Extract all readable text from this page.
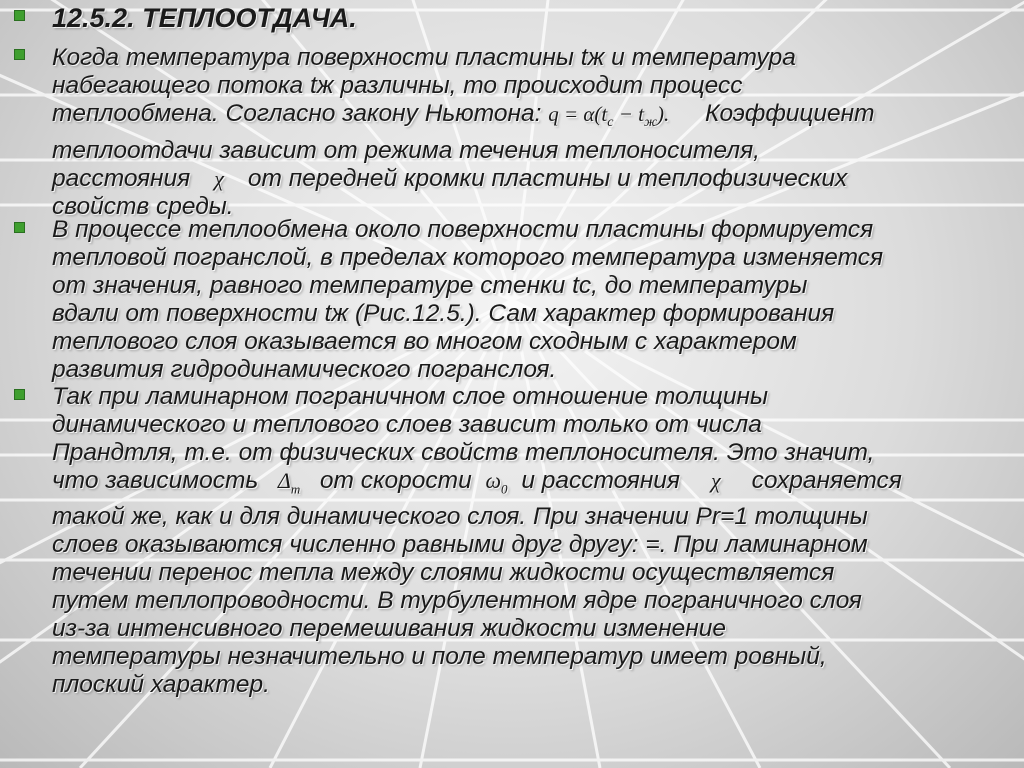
12.5.2. ТЕПЛООТДАЧА.
Когда температура поверхности пластины tж и температура
набегающего потока tж различны, то происходит процесс
теплообмена. Согласно закону Ньютона: $q = \alpha(t_c - t_ж)$. Коэффициент
теплоотдачи зависит от режима течения теплоносителя,
расстояния χ от передней кромки пластины и теплофизических
свойств среды.
В процессе теплообмена около поверхности пластины формируется
тепловой погранслой, в пределах которого температура изменяется
от значения, равного температуре стенки tc, до температуры
вдали от поверхности tж (Рис.12.5.). Сам характер формирования
теплового слоя оказывается во многом сходным с характером
развития гидродинамического погранслоя.
Так при ламинарном пограничном слое отношение толщины
динамического и теплового слоев зависит только от числа
Прандтля, т.е. от физических свойств теплоносителя. Это значит,
что зависимость $\Delta_т$ от скорости $\omega_0$ и расстояния χ сохраняется
такой же, как и для динамического слоя. При значении Pr=1 толщины
слоев оказываются численно равными друг другу: =. При ламинарном
течении перенос тепла между слоями жидкости осуществляется
путем теплопроводности. В турбулентном ядре пограничного слоя
из-за интенсивного перемешивания жидкости изменение
температуры незначительно и поле температур имеет ровный,
плоский характер.
